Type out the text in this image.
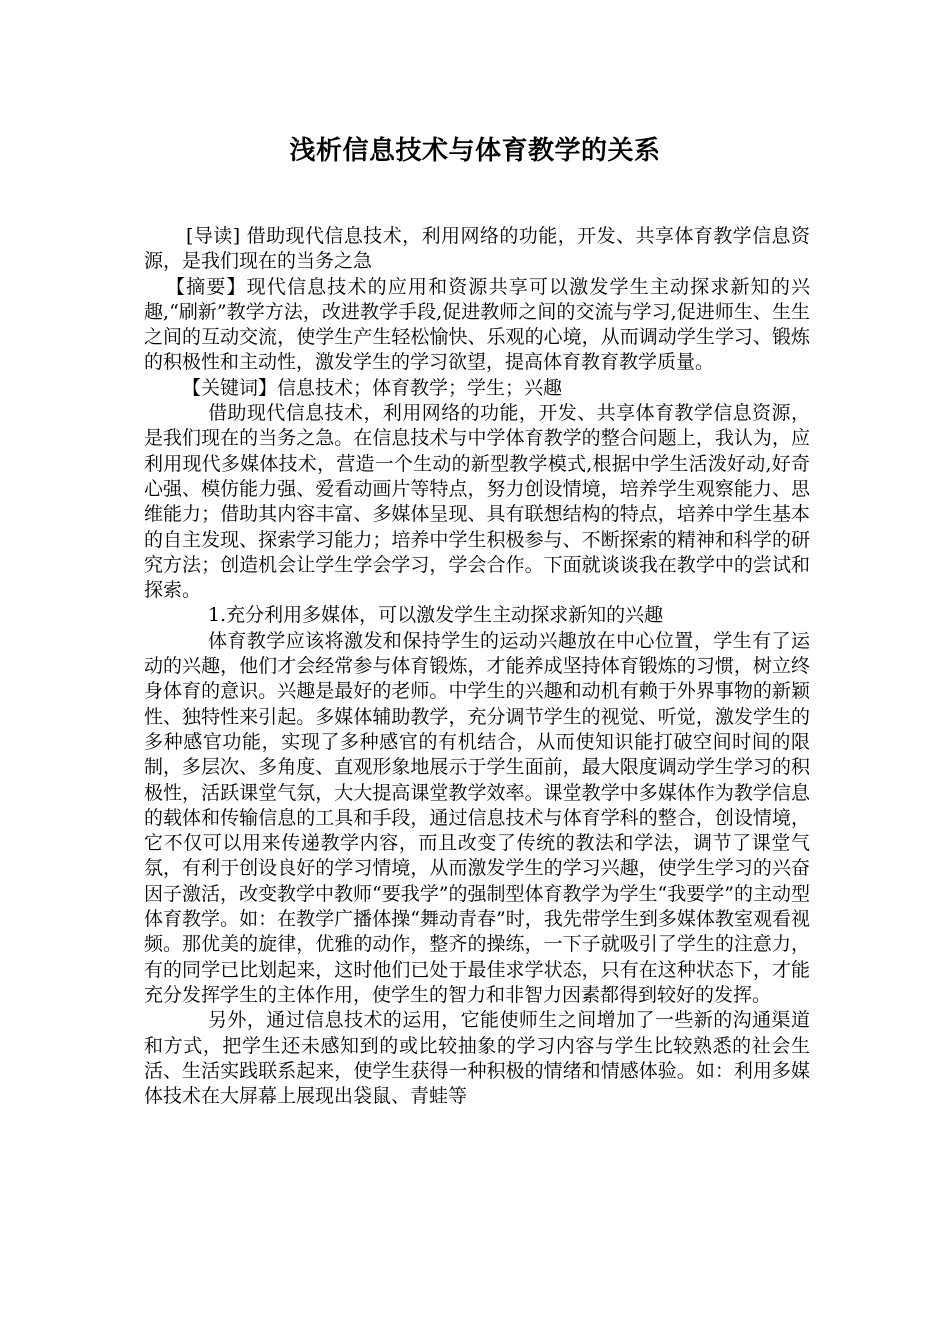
浅析信息技术与体育教学的关系

[导读] 借助现代信息技术，利用网络的功能，开发、共享体育教学信息资源，是我们现在的当务之急

【摘要】现代信息技术的应用和资源共享可以激发学生主动探求新知的兴趣,“刷新”教学方法，改进教学手段,促进教师之间的交流与学习,促进师生、生生之间的互动交流，使学生产生轻松愉快、乐观的心境，从而调动学生学习、锻炼的积极性和主动性，激发学生的学习欲望，提高体育教育教学质量。

【关键词】信息技术；体育教学；学生；兴趣

借助现代信息技术，利用网络的功能，开发、共享体育教学信息资源，是我们现在的当务之急。在信息技术与中学体育教学的整合问题上，我认为，应利用现代多媒体技术，营造一个生动的新型教学模式,根据中学生活泼好动,好奇心强、模仿能力强、爱看动画片等特点，努力创设情境，培养学生观察能力、思维能力；借助其内容丰富、多媒体呈现、具有联想结构的特点，培养中学生基本的自主发现、探索学习能力；培养中学生积极参与、不断探索的精神和科学的研究方法；创造机会让学生学会学习，学会合作。下面就谈谈我在教学中的尝试和探索。

1.充分利用多媒体，可以激发学生主动探求新知的兴趣

体育教学应该将激发和保持学生的运动兴趣放在中心位置，学生有了运动的兴趣，他们才会经常参与体育锻炼，才能养成坚持体育锻炼的习惯，树立终身体育的意识。兴趣是最好的老师。中学生的兴趣和动机有赖于外界事物的新颖性、独特性来引起。多媒体辅助教学，充分调节学生的视觉、听觉，激发学生的多种感官功能，实现了多种感官的有机结合，从而使知识能打破空间时间的限制，多层次、多角度、直观形象地展示于学生面前，最大限度调动学生学习的积极性，活跃课堂气氛，大大提高课堂教学效率。课堂教学中多媒体作为教学信息的载体和传输信息的工具和手段，通过信息技术与体育学科的整合，创设情境，它不仅可以用来传递教学内容，而且改变了传统的教法和学法，调节了课堂气氛，有利于创设良好的学习情境，从而激发学生的学习兴趣，使学生学习的兴奋因子激活，改变教学中教师“要我学”的强制型体育教学为学生“我要学”的主动型体育教学。如：在教学广播体操“舞动青春”时，我先带学生到多媒体教室观看视频。那优美的旋律，优雅的动作，整齐的操练，一下子就吸引了学生的注意力，有的同学已比划起来，这时他们已处于最佳求学状态，只有在这种状态下，才能充分发挥学生的主体作用，使学生的智力和非智力因素都得到较好的发挥。

另外，通过信息技术的运用，它能使师生之间增加了一些新的沟通渠道和方式，把学生还未感知到的或比较抽象的学习内容与学生比较熟悉的社会生活、生活实践联系起来，使学生获得一种积极的情绪和情感体验。如：利用多媒体技术在大屏幕上展现出袋鼠、青蛙等
